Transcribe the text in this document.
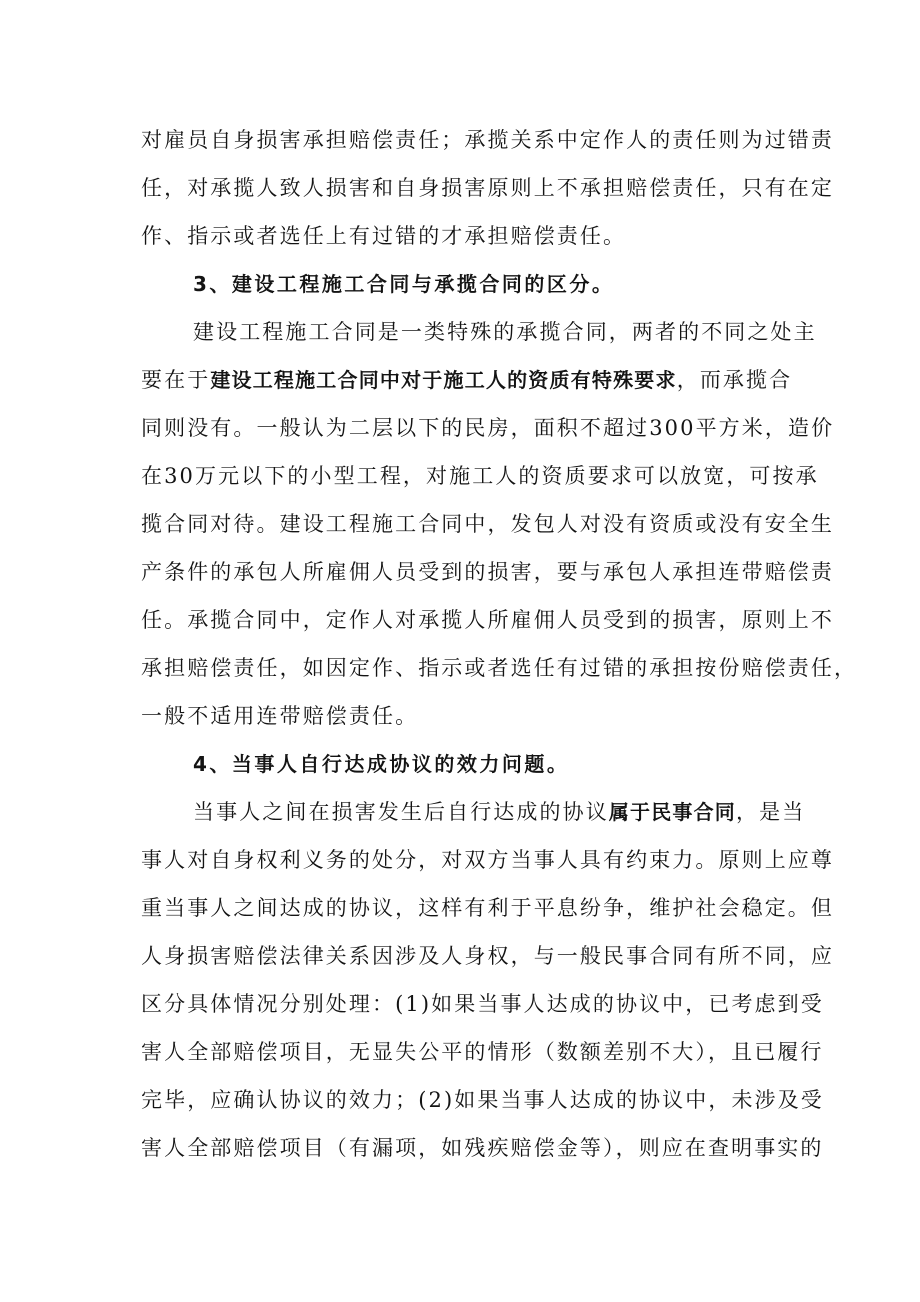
对雇员自身损害承担赔偿责任；承揽关系中定作人的责任则为过错责
任，对承揽人致人损害和自身损害原则上不承担赔偿责任，只有在定
作、指示或者选任上有过错的才承担赔偿责任。
3、建设工程施工合同与承揽合同的区分。
建设工程施工合同是一类特殊的承揽合同，两者的不同之处主
要在于建设工程施工合同中对于施工人的资质有特殊要求，而承揽合
同则没有。一般认为二层以下的民房，面积不超过300平方米，造价
在30万元以下的小型工程，对施工人的资质要求可以放宽，可按承
揽合同对待。建设工程施工合同中，发包人对没有资质或没有安全生
产条件的承包人所雇佣人员受到的损害，要与承包人承担连带赔偿责
任。承揽合同中，定作人对承揽人所雇佣人员受到的损害，原则上不
承担赔偿责任，如因定作、指示或者选任有过错的承担按份赔偿责任，
一般不适用连带赔偿责任。
4、当事人自行达成协议的效力问题。
当事人之间在损害发生后自行达成的协议属于民事合同，是当
事人对自身权利义务的处分，对双方当事人具有约束力。原则上应尊
重当事人之间达成的协议，这样有利于平息纷争，维护社会稳定。但
人身损害赔偿法律关系因涉及人身权，与一般民事合同有所不同，应
区分具体情况分别处理：(1)如果当事人达成的协议中，已考虑到受
害人全部赔偿项目，无显失公平的情形（数额差别不大），且已履行
完毕，应确认协议的效力；(2)如果当事人达成的协议中，未涉及受
害人全部赔偿项目（有漏项，如残疾赔偿金等），则应在查明事实的
